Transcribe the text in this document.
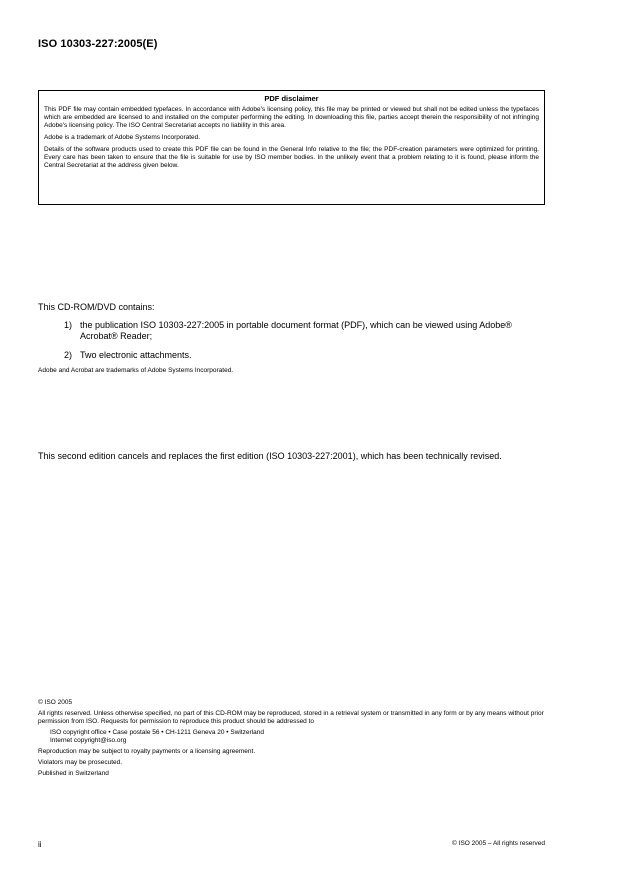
ISO 10303-227:2005(E)
PDF disclaimer

This PDF file may contain embedded typefaces. In accordance with Adobe's licensing policy, this file may be printed or viewed but shall not be edited unless the typefaces which are embedded are licensed to and installed on the computer performing the editing. In downloading this file, parties accept therein the responsibility of not infringing Adobe's licensing policy. The ISO Central Secretariat accepts no liability in this area.

Adobe is a trademark of Adobe Systems Incorporated.

Details of the software products used to create this PDF file can be found in the General Info relative to the file; the PDF-creation parameters were optimized for printing. Every care has been taken to ensure that the file is suitable for use by ISO member bodies. In the unlikely event that a problem relating to it is found, please inform the Central Secretariat at the address given below.

This CD-ROM/DVD contains:
1) the publication ISO 10303-227:2005 in portable document format (PDF), which can be viewed using Adobe® Acrobat® Reader;
2) Two electronic attachments.
Adobe and Acrobat are trademarks of Adobe Systems Incorporated.
This second edition cancels and replaces the first edition (ISO 10303-227:2001), which has been technically revised.

© ISO 2005

All rights reserved. Unless otherwise specified, no part of this CD-ROM may be reproduced, stored in a retrieval system or transmitted in any form or by any means without prior permission from ISO. Requests for permission to reproduce this product should be addressed to

ISO copyright office • Case postale 56 • CH-1211 Geneva 20 • Switzerland

Internet copyright@iso.org

Reproduction may be subject to royalty payments or a licensing agreement.

Violators may be prosecuted.

Published in Switzerland

ii	© ISO 2005 – All rights reserved
